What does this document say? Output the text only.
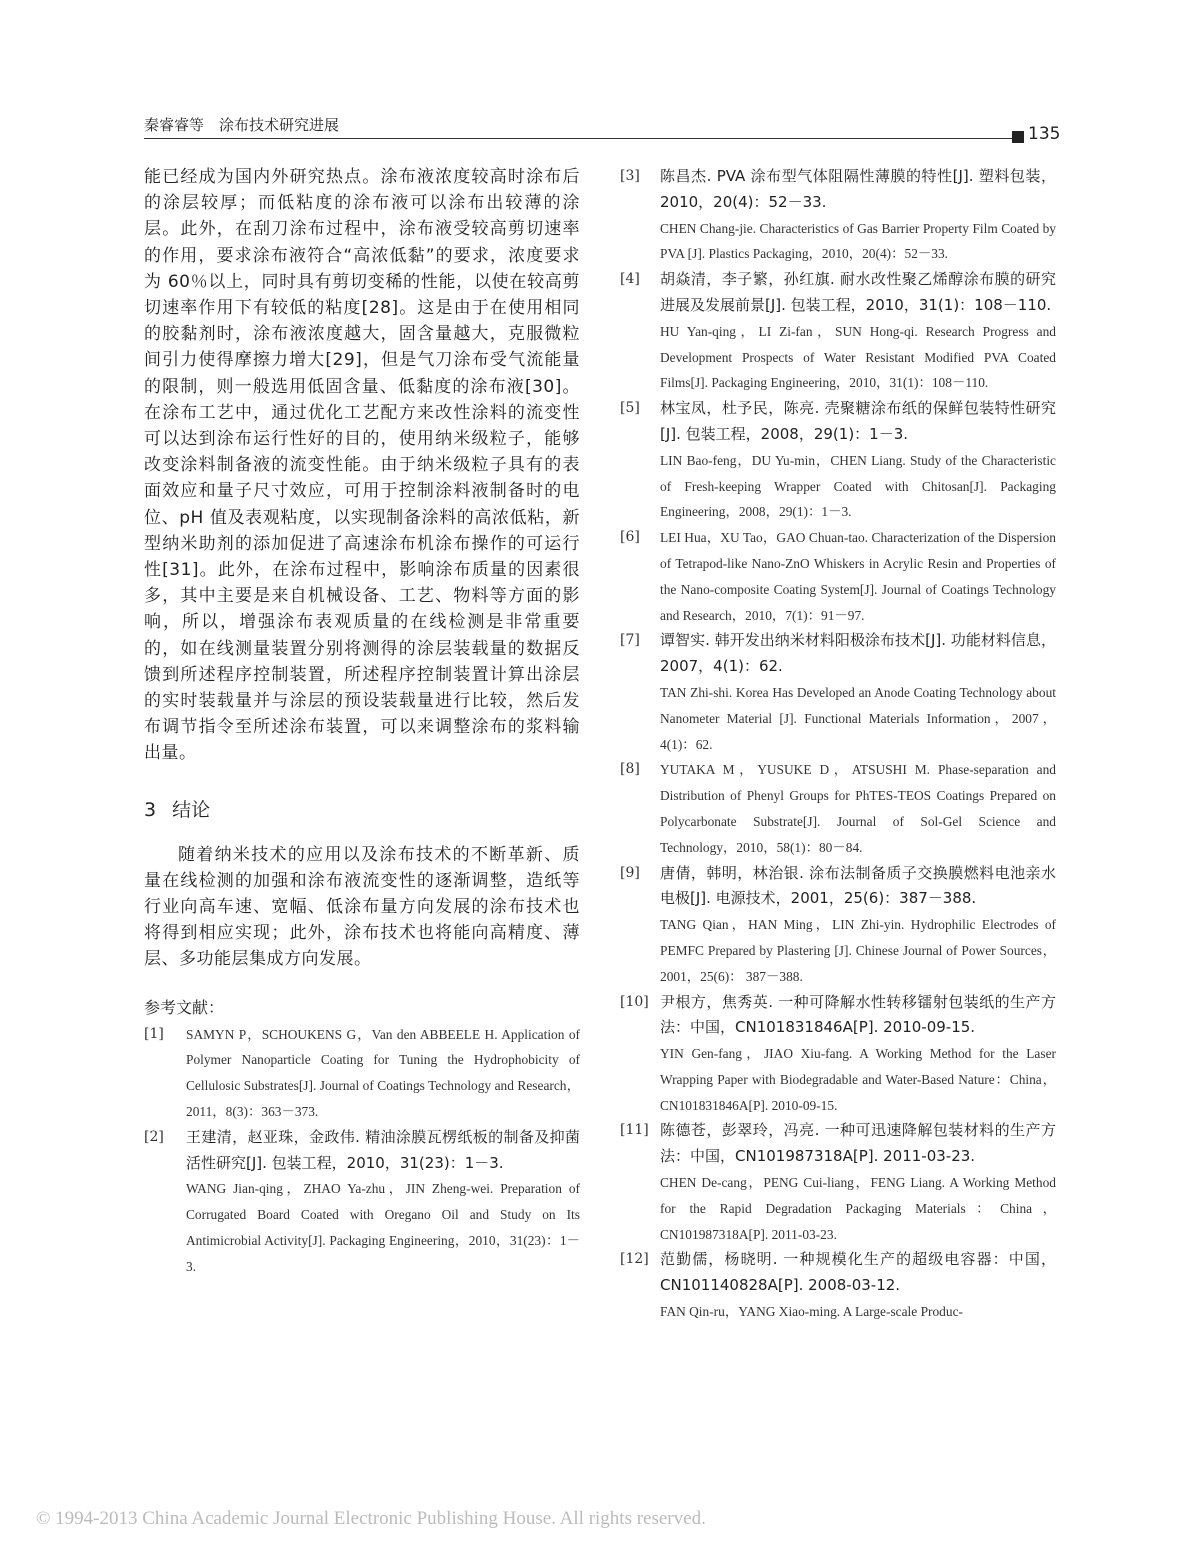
秦睿睿等　涂布技术研究进展	135

能已经成为国内外研究热点。涂布液浓度较高时涂布后的涂层较厚；而低粘度的涂布液可以涂布出较薄的涂层。此外，在刮刀涂布过程中，涂布液受较高剪切速率的作用，要求涂布液符合“高浓低黏”的要求，浓度要求为 60％以上，同时具有剪切变稀的性能，以使在较高剪切速率作用下有较低的粘度[28]。这是由于在使用相同的胶黏剂时，涂布液浓度越大，固含量越大，克服微粒间引力使得摩擦力增大[29]，但是气刀涂布受气流能量的限制，则一般选用低固含量、低黏度的涂布液[30]。在涂布工艺中，通过优化工艺配方来改性涂料的流变性可以达到涂布运行性好的目的，使用纳米级粒子，能够改变涂料制备液的流变性能。由于纳米级粒子具有的表面效应和量子尺寸效应，可用于控制涂料液制备时的电位、pH 值及表观粘度，以实现制备涂料的高浓低粘，新型纳米助剂的添加促进了高速涂布机涂布操作的可运行性[31]。此外，在涂布过程中，影响涂布质量的因素很多，其中主要是来自机械设备、工艺、物料等方面的影响，所以，增强涂布表观质量的在线检测是非常重要的，如在线测量装置分别将测得的涂层装载量的数据反馈到所述程序控制装置，所述程序控制装置计算出涂层的实时装载量并与涂层的预设装载量进行比较，然后发布调节指令至所述涂布装置，可以来调整涂布的浆料输出量。

3 结论

随着纳米技术的应用以及涂布技术的不断革新、质量在线检测的加强和涂布液流变性的逐渐调整，造纸等行业向高车速、宽幅、低涂布量方向发展的涂布技术也将得到相应实现；此外，涂布技术也将能向高精度、薄层、多功能层集成方向发展。

参考文献：
[1] SAMYN P，SCHOUKENS G，Van den ABBEELE H. Application of Polymer Nanoparticle Coating for Tuning the Hydrophobicity of Cellulosic Substrates[J]. Journal of Coatings Technology and Research，2011，8(3)：363－373.
[2] 王建清，赵亚珠，金政伟. 精油涂膜瓦楞纸板的制备及抑菌活性研究[J]. 包装工程，2010，31(23)：1－3.
WANG Jian-qing，ZHAO Ya-zhu，JIN Zheng-wei. Preparation of Corrugated Board Coated with Oregano Oil and Study on Its Antimicrobial Activity[J]. Packaging Engineering，2010，31(23)：1－3.
[3] 陈昌杰. PVA 涂布型气体阻隔性薄膜的特性[J]. 塑料包装，2010，20(4)：52－33.
CHEN Chang-jie. Characteristics of Gas Barrier Property Film Coated by PVA [J]. Plastics Packaging，2010，20(4)：52－33.
[4] 胡焱清，李子繁，孙红旗. 耐水改性聚乙烯醇涂布膜的研究进展及发展前景[J]. 包装工程，2010，31(1)：108－110.
HU Yan-qing，LI Zi-fan，SUN Hong-qi. Research Progress and Development Prospects of Water Resistant Modified PVA Coated Films[J]. Packaging Engineering，2010，31(1)：108－110.
[5] 林宝凤，杜予民，陈亮. 壳聚糖涂布纸的保鲜包装特性研究[J]. 包装工程，2008，29(1)：1－3.
LIN Bao-feng，DU Yu-min，CHEN Liang. Study of the Characteristic of Fresh-keeping Wrapper Coated with Chitosan[J]. Packaging Engineering，2008，29(1)：1－3.
[6] LEI Hua，XU Tao，GAO Chuan-tao. Characterization of the Dispersion of Tetrapod-like Nano-ZnO Whiskers in Acrylic Resin and Properties of the Nano-composite Coating System[J]. Journal of Coatings Technology and Research，2010，7(1)：91－97.
[7] 谭智实. 韩开发出纳米材料阳极涂布技术[J]. 功能材料信息，2007，4(1)：62.
TAN Zhi-shi. Korea Has Developed an Anode Coating Technology about Nanometer Material [J]. Functional Materials Information，2007，4(1)：62.
[8] YUTAKA M，YUSUKE D，ATSUSHI M. Phase-separation and Distribution of Phenyl Groups for PhTES-TEOS Coatings Prepared on Polycarbonate Substrate[J]. Journal of Sol-Gel Science and Technology，2010，58(1)：80－84.
[9] 唐倩，韩明，林治银. 涂布法制备质子交换膜燃料电池亲水电极[J]. 电源技术，2001，25(6)：387－388.
TANG Qian，HAN Ming，LIN Zhi-yin. Hydrophilic Electrodes of PEMFC Prepared by Plastering [J]. Chinese Journal of Power Sources，2001，25(6)： 387－388.
[10] 尹根方，焦秀英. 一种可降解水性转移镭射包装纸的生产方法：中国，CN101831846A[P]. 2010-09-15.
YIN Gen-fang，JIAO Xiu-fang. A Working Method for the Laser Wrapping Paper with Biodegradable and Water-Based Nature：China，CN101831846A[P]. 2010-09-15.
[11] 陈德苍，彭翠玲，冯亮. 一种可迅速降解包装材料的生产方法：中国，CN101987318A[P]. 2011-03-23.
CHEN De-cang，PENG Cui-liang，FENG Liang. A Working Method for the Rapid Degradation Packaging Materials：China，CN101987318A[P]. 2011-03-23.
[12] 范勤儒，杨晓明. 一种规模化生产的超级电容器：中国，CN101140828A[P]. 2008-03-12.
FAN Qin-ru，YANG Xiao-ming. A Large-scale Produc-
© 1994-2013 China Academic Journal Electronic Publishing House. All rights reserved.
